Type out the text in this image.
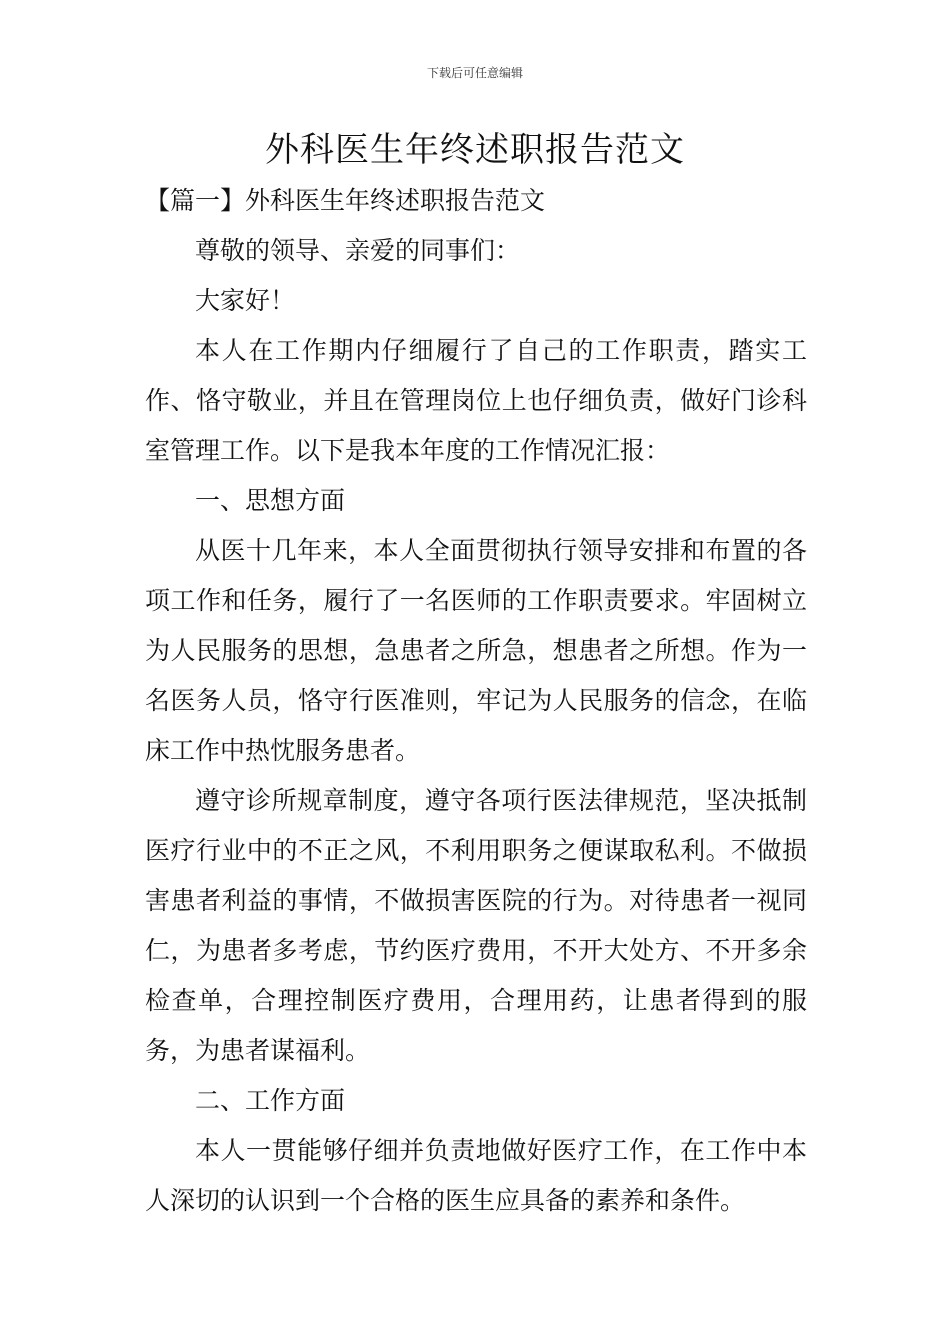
下载后可任意编辑
外科医生年终述职报告范文

【篇一】外科医生年终述职报告范文

尊敬的领导、亲爱的同事们：

大家好！

本人在工作期内仔细履行了自己的工作职责，踏实工作、恪守敬业，并且在管理岗位上也仔细负责，做好门诊科室管理工作。以下是我本年度的工作情况汇报：

一、思想方面

从医十几年来，本人全面贯彻执行领导安排和布置的各项工作和任务，履行了一名医师的工作职责要求。牢固树立为人民服务的思想，急患者之所急，想患者之所想。作为一名医务人员，恪守行医准则，牢记为人民服务的信念，在临床工作中热忱服务患者。

遵守诊所规章制度，遵守各项行医法律规范，坚决抵制医疗行业中的不正之风，不利用职务之便谋取私利。不做损害患者利益的事情，不做损害医院的行为。对待患者一视同仁，为患者多考虑，节约医疗费用，不开大处方、不开多余检查单，合理控制医疗费用，合理用药，让患者得到的服务，为患者谋福利。

二、工作方面

本人一贯能够仔细并负责地做好医疗工作，在工作中本人深切的认识到一个合格的医生应具备的素养和条件。
